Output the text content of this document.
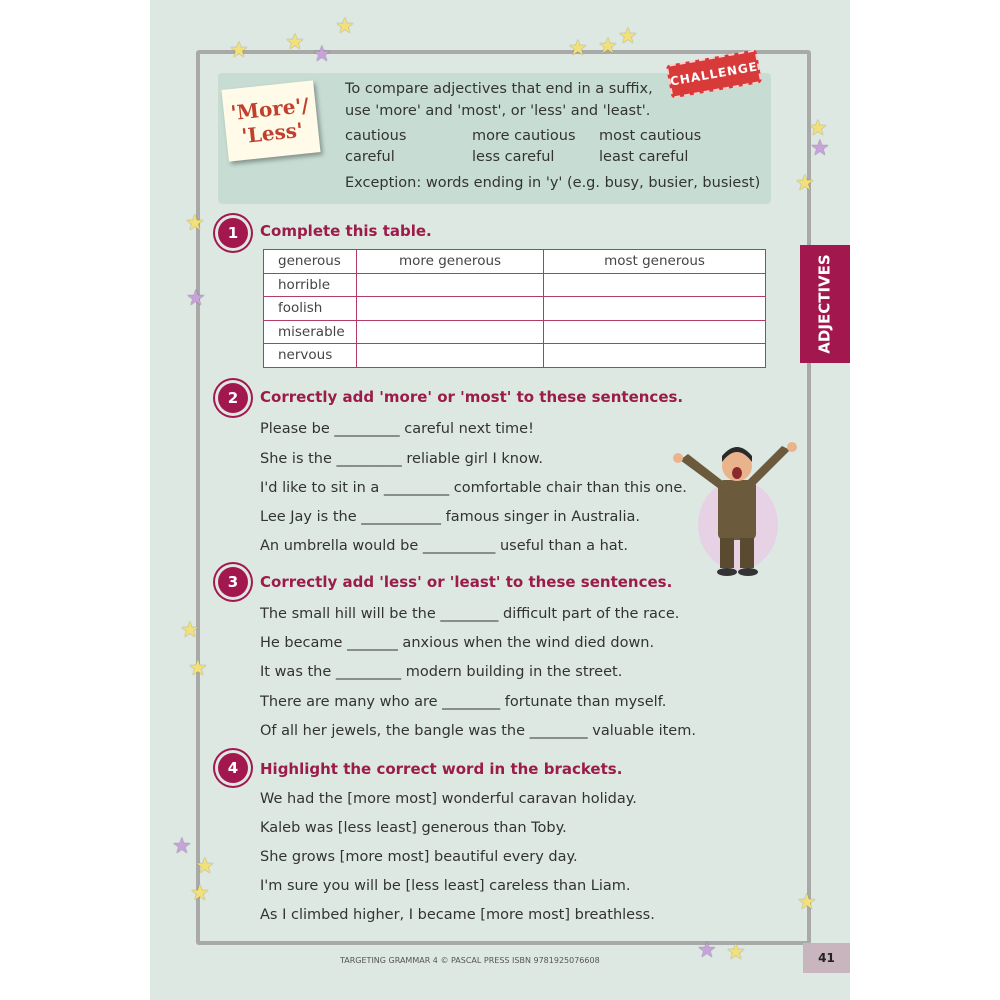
★ ★ ★
★
★ ★ ★
★
★
★
★
★
★
★
★
★
★
★ ★
★
'More'/
'Less'
CHALLENGE
To compare adjectives that end in a suffix,
use 'more' and 'most', or 'less' and 'least'.
cautious	more cautious most cautious
careful	less careful	least careful
Exception: words ending in 'y' (e.g. busy, busier, busiest)
ADJECTIVES
1	Complete this table.
generous	more generous	most generous
horrible		
foolish		
miserable		
nervous		
2	Correctly add 'more' or 'most' to these sentences.
Please be _________ careful next time!
She is the _________ reliable girl I know.
I'd like to sit in a _________ comfortable chair than this one.
Lee Jay is the ___________ famous singer in Australia.
An umbrella would be __________ useful than a hat.
3	Correctly add 'less' or 'least' to these sentences.
The small hill will be the ________ difficult part of the race.
He became _______ anxious when the wind died down.
It was the _________ modern building in the street.
There are many who are ________ fortunate than myself.
Of all her jewels, the bangle was the ________ valuable item.
4	Highlight the correct word in the brackets.
We had the [more most] wonderful caravan holiday.
Kaleb was [less least] generous than Toby.
She grows [more most] beautiful every day.
I'm sure you will be [less least] careless than Liam.
As I climbed higher, I became [more most] breathless.
TARGETING GRAMMAR 4 © PASCAL PRESS ISBN 9781925076608	41
